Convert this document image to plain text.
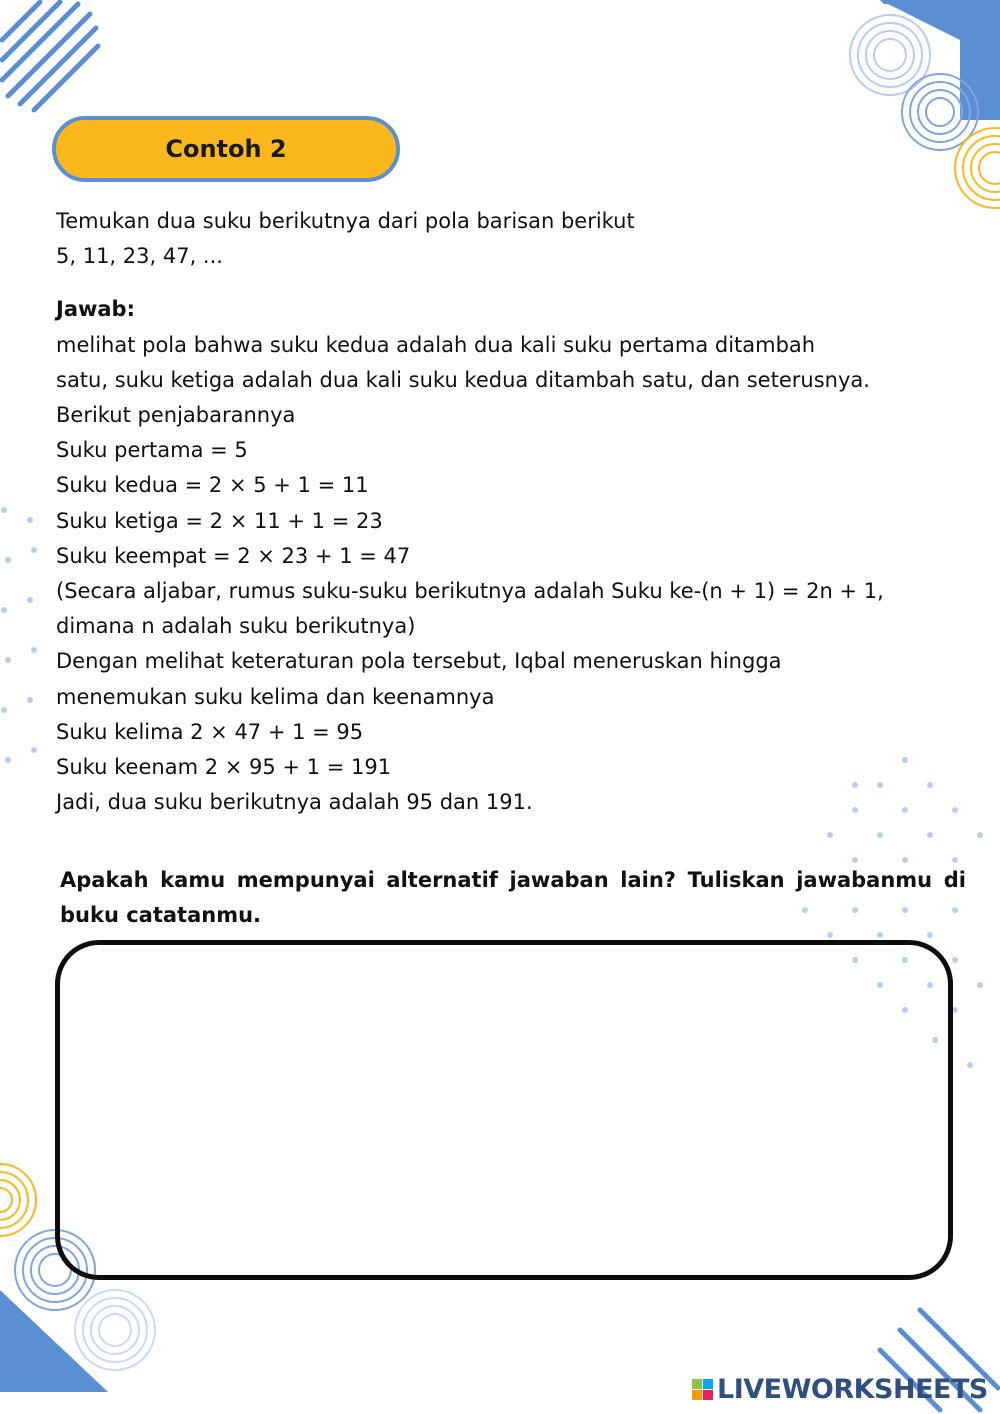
Contoh 2

Temukan dua suku berikutnya dari pola barisan berikut

5, 11, 23, 47, ...

Jawab:

melihat pola bahwa suku kedua adalah dua kali suku pertama ditambah

satu, suku ketiga adalah dua kali suku kedua ditambah satu, dan seterusnya.

Berikut penjabarannya

Suku pertama = 5

Suku kedua = 2 × 5 + 1 = 11

Suku ketiga = 2 × 11 + 1 = 23

Suku keempat = 2 × 23 + 1 = 47

(Secara aljabar, rumus suku-suku berikutnya adalah Suku ke-(n + 1) = 2n + 1,

dimana n adalah suku berikutnya)

Dengan melihat keteraturan pola tersebut, Iqbal meneruskan hingga

menemukan suku kelima dan keenamnya

Suku kelima 2 × 47 + 1 = 95

Suku keenam 2 × 95 + 1 = 191

Jadi, dua suku berikutnya adalah 95 dan 191.

Apakah kamu mempunyai alternatif jawaban lain? Tuliskan jawabanmu di buku catatanmu.

LIVEWORKSHEETS
